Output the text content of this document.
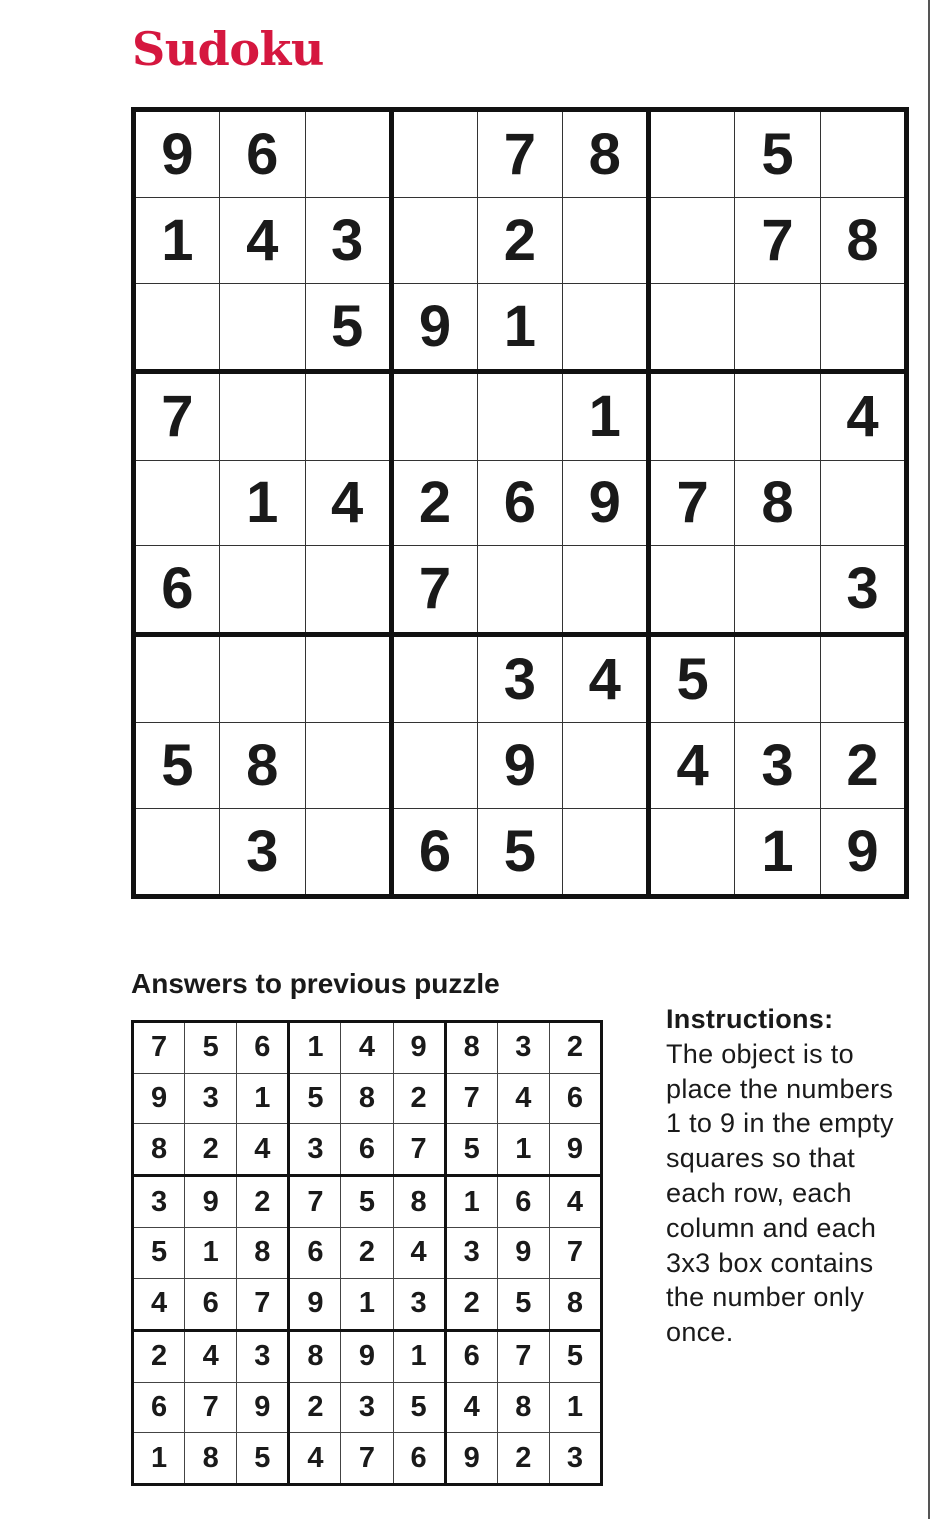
Sudoku
9	6			7	8		5	
1	4	3		2			7	8
		5	9	1				
7					1			4
	1	4	2	6	9	7	8	
6			7					3
				3	4	5		
5	8			9		4	3	2
	3		6	5			1	9
Answers to previous puzzle
7	5	6	1	4	9	8	3	2
9	3	1	5	8	2	7	4	6
8	2	4	3	6	7	5	1	9
3	9	2	7	5	8	1	6	4
5	1	8	6	2	4	3	9	7
4	6	7	9	1	3	2	5	8
2	4	3	8	9	1	6	7	5
6	7	9	2	3	5	4	8	1
1	8	5	4	7	6	9	2	3
Instructions:
The object is to place the numbers 1 to 9 in the empty squares so that each row, each column and each 3x3 box contains the number only once.
